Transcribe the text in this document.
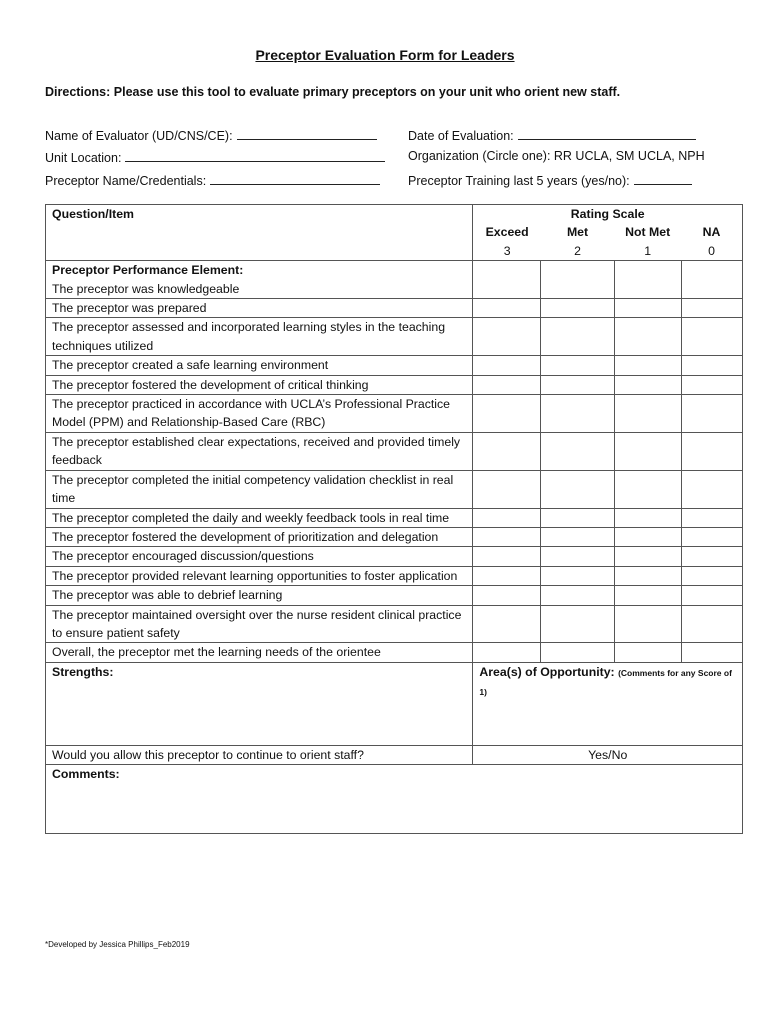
Preceptor Evaluation Form for Leaders
Directions: Please use this tool to evaluate primary preceptors on your unit who orient new staff.
Name of Evaluator (UD/CNS/CE):
Unit Location:
Preceptor Name/Credentials:
Date of Evaluation:
Organization (Circle one): RR UCLA, SM UCLA, NPH
Preceptor Training last 5 years (yes/no):
Question/Item	Rating Scale			
	Exceed	Met	Not Met	NA
	3	2	1	0
Preceptor Performance Element:				
The preceptor was knowledgeable				
The preceptor was prepared				
The preceptor assessed and incorporated learning styles in the teaching techniques utilized				
The preceptor created a safe learning environment				
The preceptor fostered the development of critical thinking				
The preceptor practiced in accordance with UCLA’s Professional Practice Model (PPM) and Relationship-Based Care (RBC)				
The preceptor established clear expectations, received and provided timely feedback				
The preceptor completed the initial competency validation checklist in real time				
The preceptor completed the daily and weekly feedback tools in real time				
The preceptor fostered the development of prioritization and delegation				
The preceptor encouraged discussion/questions				
The preceptor provided relevant learning opportunities to foster application				
The preceptor was able to debrief learning				
The preceptor maintained oversight over the nurse resident clinical practice to ensure patient safety				
Overall, the preceptor met the learning needs of the orientee				
Strengths:	Area(s) of Opportunity: (Comments for any Score of 1)			
Would you allow this preceptor to continue to orient staff?	Yes/No			
Comments:				
*Developed by Jessica Phillips_Feb2019
